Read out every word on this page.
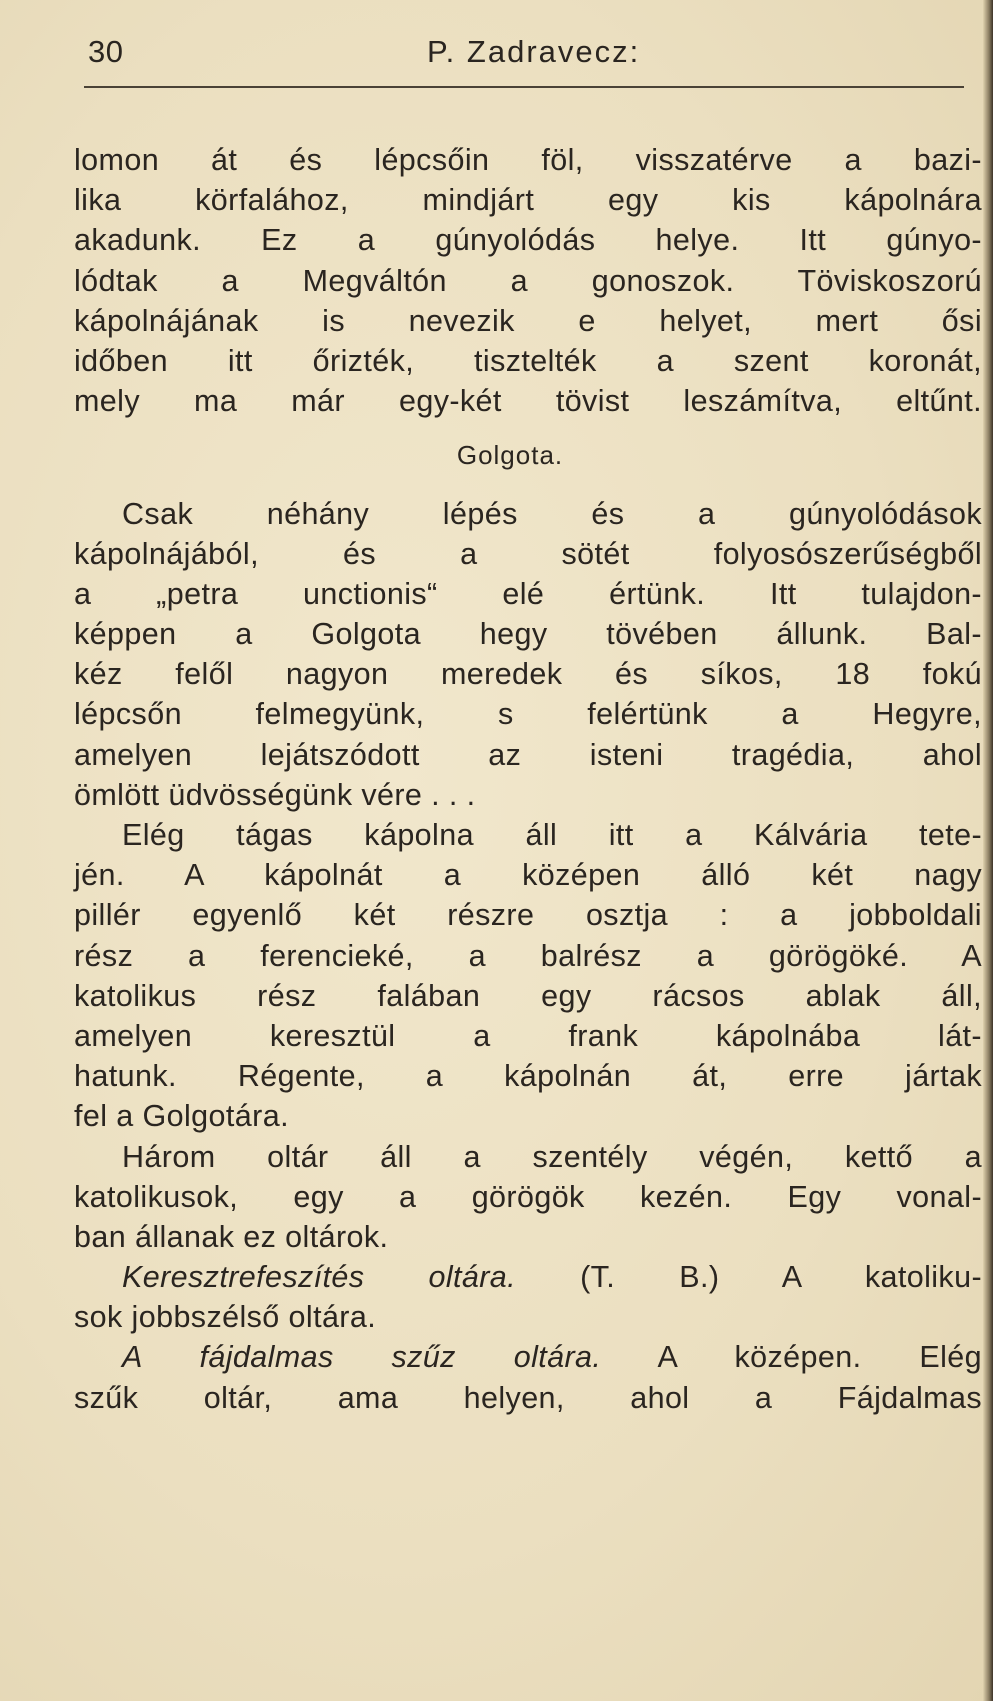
30	P. Zadravecz:
lomon át és lépcsőin föl, visszatérve a bazi-
lika körfalához, mindjárt egy kis kápolnára
akadunk. Ez a gúnyolódás helye. Itt gúnyo-
lódtak a Megváltón a gonoszok. Töviskoszorú
kápolnájának is nevezik e helyet, mert ősi
időben itt őrizték, tisztelték a szent koronát,
mely ma már egy-két tövist leszámítva, eltűnt.
Golgota.
Csak néhány lépés és a gúnyolódások
kápolnájából, és a sötét folyosószerűségből
a „petra unctionis“ elé értünk. Itt tulajdon-
képpen a Golgota hegy tövében állunk. Bal-
kéz felől nagyon meredek és síkos, 18 fokú
lépcsőn felmegyünk, s felértünk a Hegyre,
amelyen lejátszódott az isteni tragédia, ahol
ömlött üdvösségünk vére . . .
Elég tágas kápolna áll itt a Kálvária tete-
jén. A kápolnát a középen álló két nagy
pillér egyenlő két részre osztja : a jobboldali
rész a ferencieké, a balrész a görögöké. A
katolikus rész falában egy rácsos ablak áll,
amelyen keresztül a frank kápolnába lát-
hatunk. Régente, a kápolnán át, erre jártak
fel a Golgotára.
Három oltár áll a szentély végén, kettő a
katolikusok, egy a görögök kezén. Egy vonal-
ban állanak ez oltárok.
Keresztrefeszítés oltára. (T. B.) A katoliku-
sok jobbszélső oltára.
A fájdalmas szűz oltára. A középen. Elég
szűk oltár, ama helyen, ahol a Fájdalmas
